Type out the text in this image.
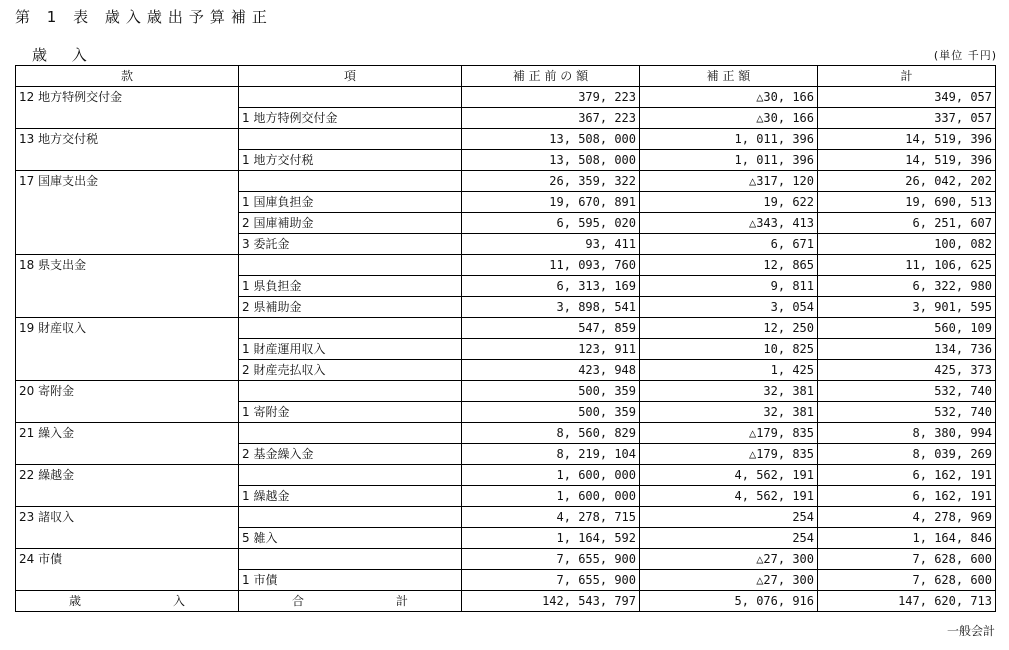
第 1 表 歳入歳出予算補正
歳 入	(単位 千円)
款	項	補 正 前 の 額	補 正 額	計
12 地方特例交付金		379, 223	△30, 166	349, 057
	1 地方特例交付金	367, 223	△30, 166	337, 057
13 地方交付税		13, 508, 000	1, 011, 396	14, 519, 396
	1 地方交付税	13, 508, 000	1, 011, 396	14, 519, 396
17 国庫支出金		26, 359, 322	△317, 120	26, 042, 202
	1 国庫負担金	19, 670, 891	19, 622	19, 690, 513
	2 国庫補助金	6, 595, 020	△343, 413	6, 251, 607
	3 委託金	93, 411	6, 671	100, 082
18 県支出金		11, 093, 760	12, 865	11, 106, 625
	1 県負担金	6, 313, 169	9, 811	6, 322, 980
	2 県補助金	3, 898, 541	3, 054	3, 901, 595
19 財産収入		547, 859	12, 250	560, 109
	1 財産運用収入	123, 911	10, 825	134, 736
	2 財産売払収入	423, 948	1, 425	425, 373
20 寄附金		500, 359	32, 381	532, 740
	1 寄附金	500, 359	32, 381	532, 740
21 繰入金		8, 560, 829	△179, 835	8, 380, 994
	2 基金繰入金	8, 219, 104	△179, 835	8, 039, 269
22 繰越金		1, 600, 000	4, 562, 191	6, 162, 191
	1 繰越金	1, 600, 000	4, 562, 191	6, 162, 191
23 諸収入		4, 278, 715	254	4, 278, 969
	5 雑入	1, 164, 592	254	1, 164, 846
24 市債		7, 655, 900	△27, 300	7, 628, 600
	1 市債	7, 655, 900	△27, 300	7, 628, 600

歳 入	合 計	142, 543, 797	5, 076, 916	147, 620, 713
一般会計
